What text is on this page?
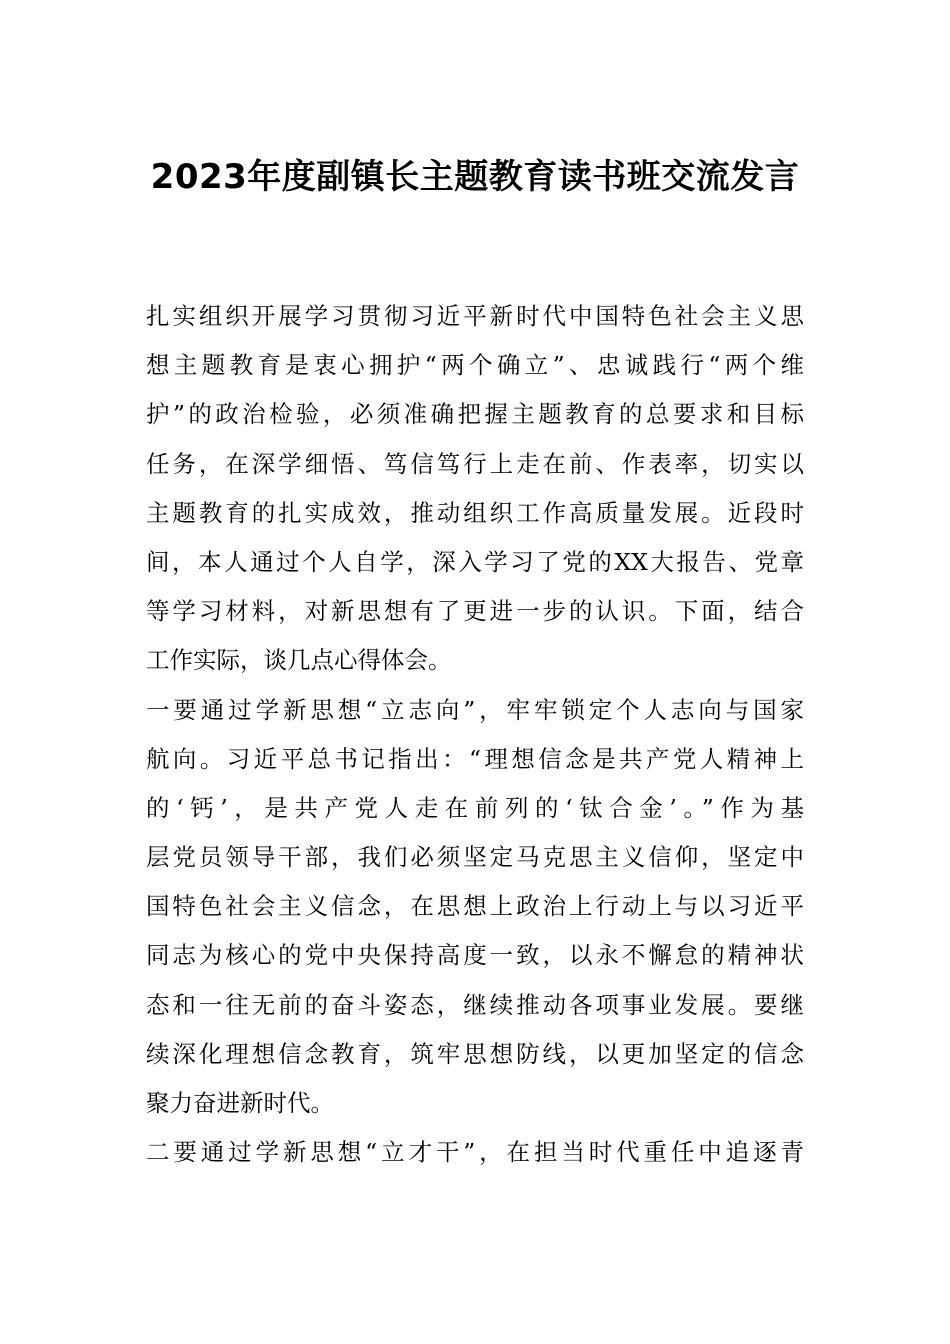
2023年度副镇长主题教育读书班交流发言
扎实组织开展学习贯彻习近平新时代中国特色社会主义思
想主题教育是衷心拥护“两个确立”、忠诚践行“两个维
护”的政治检验，必须准确把握主题教育的总要求和目标
任务，在深学细悟、笃信笃行上走在前、作表率，切实以
主题教育的扎实成效，推动组织工作高质量发展。近段时
间，本人通过个人自学，深入学习了党的XX大报告、党章
等学习材料，对新思想有了更进一步的认识。下面，结合
工作实际，谈几点心得体会。
一要通过学新思想“立志向”，牢牢锁定个人志向与国家
航向。习近平总书记指出：“理想信念是共产党人精神上
的‘钙’，是共产党人走在前列的‘钛合金’。”作为基
层党员领导干部，我们必须坚定马克思主义信仰，坚定中
国特色社会主义信念，在思想上政治上行动上与以习近平
同志为核心的党中央保持高度一致，以永不懈怠的精神状
态和一往无前的奋斗姿态，继续推动各项事业发展。要继
续深化理想信念教育，筑牢思想防线，以更加坚定的信念
聚力奋进新时代。
二要通过学新思想“立才干”，在担当时代重任中追逐青
